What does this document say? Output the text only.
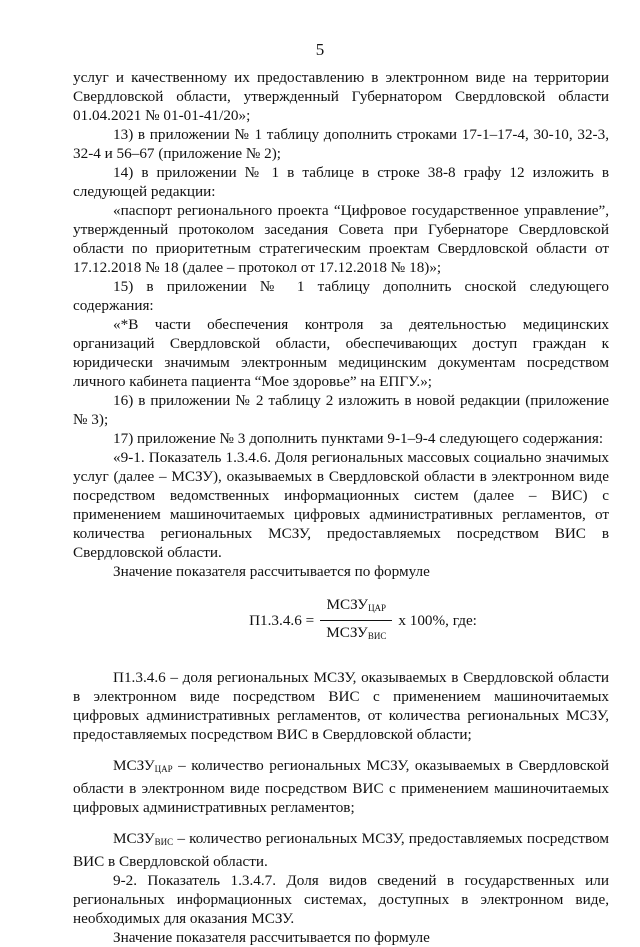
5

услуг и качественному их предоставлению в электронном виде на территории Свердловской области, утвержденный Губернатором Свердловской области 01.04.2021 № 01-01-41/20»;

13) в приложении № 1 таблицу дополнить строками 17-1–17-4, 30-10, 32-3, 32-4 и 56–67 (приложение № 2);

14) в приложении № 1 в таблице в строке 38-8 графу 12 изложить в следующей редакции:

«паспорт регионального проекта “Цифровое государственное управление”, утвержденный протоколом заседания Совета при Губернаторе Свердловской области по приоритетным стратегическим проектам Свердловской области от 17.12.2018 № 18 (далее – протокол от 17.12.2018 № 18)»;

15) в приложении № 1 таблицу дополнить сноской следующего содержания:

«*В части обеспечения контроля за деятельностью медицинских организаций Свердловской области, обеспечивающих доступ граждан к юридически значимым электронным медицинским документам посредством личного кабинета пациента “Мое здоровье” на ЕПГУ.»;

16) в приложении № 2 таблицу 2 изложить в новой редакции (приложение № 3);

17) приложение № 3 дополнить пунктами 9-1–9-4 следующего содержания:

«9-1. Показатель 1.3.4.6. Доля региональных массовых социально значимых услуг (далее – МСЗУ), оказываемых в Свердловской области в электронном виде посредством ведомственных информационных систем (далее – ВИС) с применением машиночитаемых цифровых административных регламентов, от количества региональных МСЗУ, предоставляемых посредством ВИС в Свердловской области.

Значение показателя рассчитывается по формуле

$П1.3.4.6 = \frac{МСЗУ_{ЦАР}}{МСЗУ_{ВИС}}$ x 100%, где:

П1.3.4.6 – доля региональных МСЗУ, оказываемых в Свердловской области в электронном виде посредством ВИС с применением машиночитаемых цифровых административных регламентов, от количества региональных МСЗУ, предоставляемых посредством ВИС в Свердловской области;

$МСЗУ_{ЦАР}$ – количество региональных МСЗУ, оказываемых в Свердловской области в электронном виде посредством ВИС с применением машиночитаемых цифровых административных регламентов;

$МСЗУ_{ВИС}$ – количество региональных МСЗУ, предоставляемых посредством ВИС в Свердловской области.

9-2. Показатель 1.3.4.7. Доля видов сведений в государственных или региональных информационных системах, доступных в электронном виде, необходимых для оказания МСЗУ.

Значение показателя рассчитывается по формуле
